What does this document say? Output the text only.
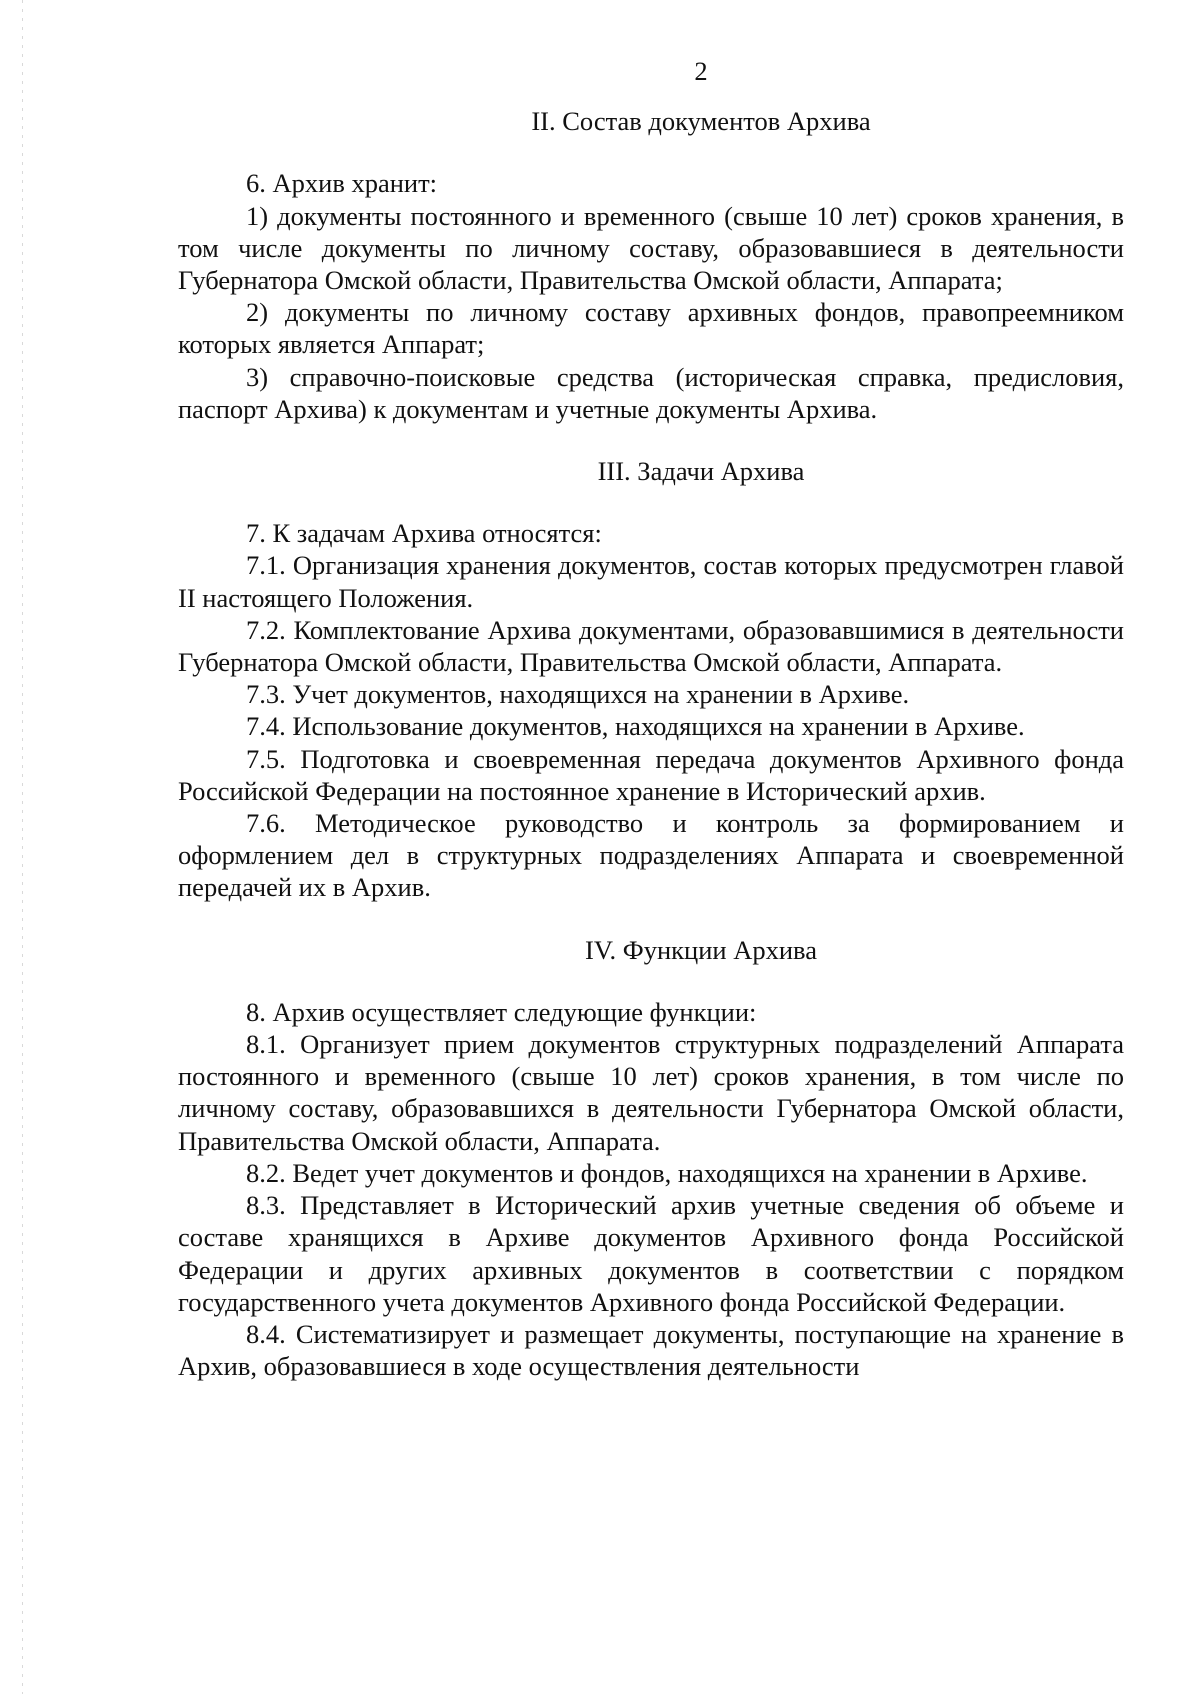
2
II. Состав документов Архива
6. Архив хранит:
1) документы постоянного и временного (свыше 10 лет) сроков хранения, в том числе документы по личному составу, образовавшиеся в деятельности Губернатора Омской области, Правительства Омской области, Аппарата;
2) документы по личному составу архивных фондов, правопреемником которых является Аппарат;
3) справочно-поисковые средства (историческая справка, предисловия, паспорт Архива) к документам и учетные документы Архива.
III. Задачи Архива
7. К задачам Архива относятся:
7.1. Организация хранения документов, состав которых предусмотрен главой II настоящего Положения.
7.2. Комплектование Архива документами, образовавшимися в деятельности Губернатора Омской области, Правительства Омской области, Аппарата.
7.3. Учет документов, находящихся на хранении в Архиве.
7.4. Использование документов, находящихся на хранении в Архиве.
7.5. Подготовка и своевременная передача документов Архивного фонда Российской Федерации на постоянное хранение в Исторический архив.
7.6. Методическое руководство и контроль за формированием и оформлением дел в структурных подразделениях Аппарата и своевременной передачей их в Архив.
IV. Функции Архива
8. Архив осуществляет следующие функции:
8.1. Организует прием документов структурных подразделений Аппарата постоянного и временного (свыше 10 лет) сроков хранения, в том числе по личному составу, образовавшихся в деятельности Губернатора Омской области, Правительства Омской области, Аппарата.
8.2. Ведет учет документов и фондов, находящихся на хранении в Архиве.
8.3. Представляет в Исторический архив учетные сведения об объеме и составе хранящихся в Архиве документов Архивного фонда Российской Федерации и других архивных документов в соответствии с порядком государственного учета документов Архивного фонда Российской Федерации.
8.4. Систематизирует и размещает документы, поступающие на хранение в Архив, образовавшиеся в ходе осуществления деятельности
